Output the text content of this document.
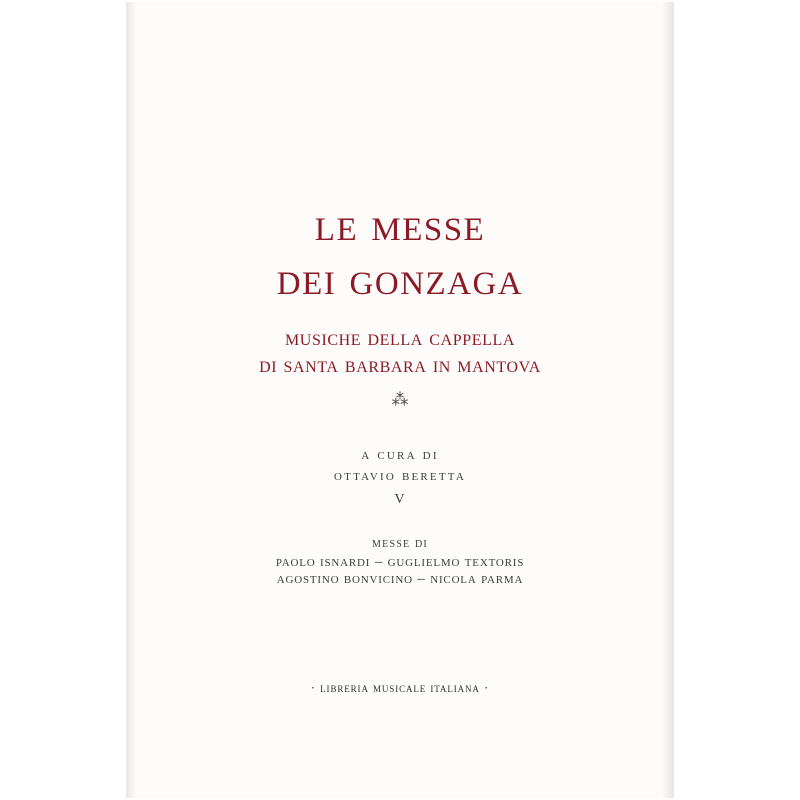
le messe
dei gonzaga
musiche della cappella
di santa barbara in mantova
⁂
a cura di
ottavio beretta
V
messe di
paolo isnardi – guglielmo textoris
agostino bonvicino – nicola parma
· libreria musicale italiana ·
